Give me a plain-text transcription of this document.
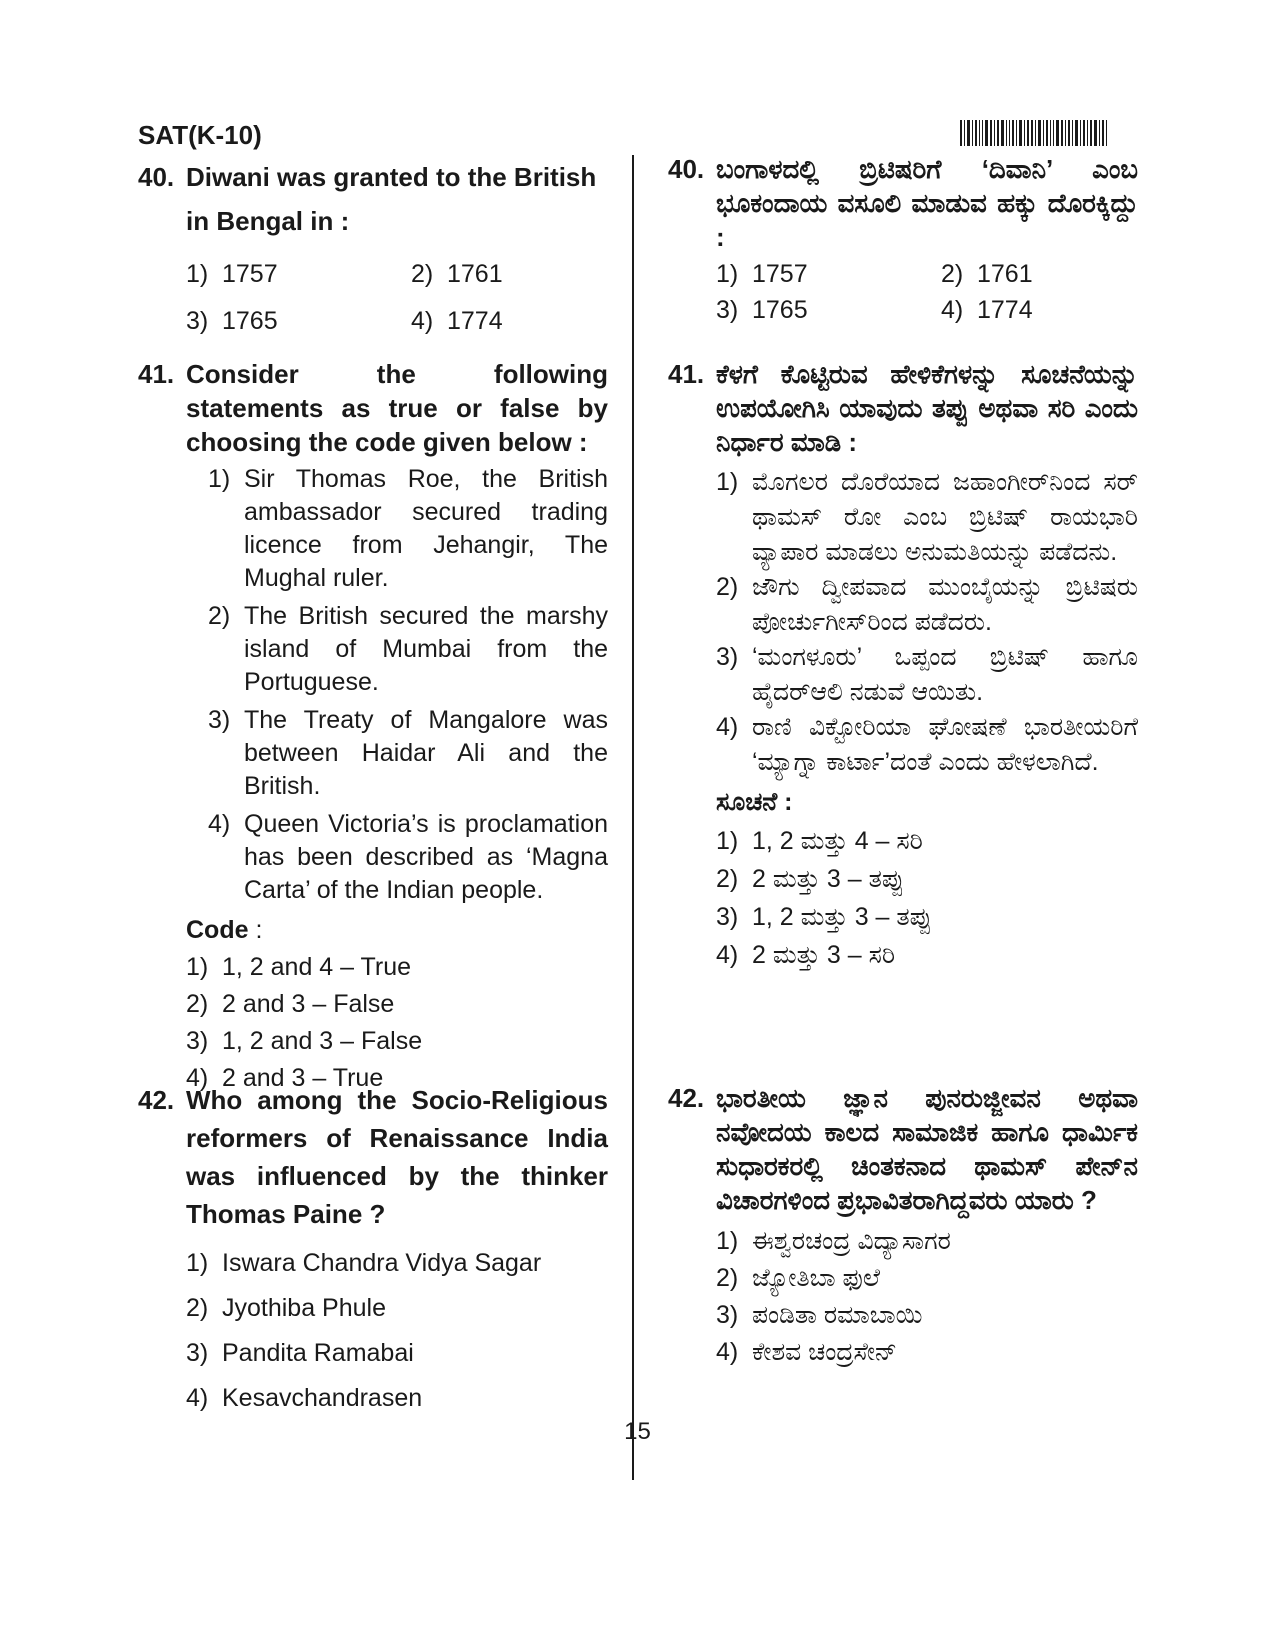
SAT(K-10)
40. Diwani was granted to the British
in Bengal in :
1) 1757	2) 1761
3) 1765	4) 1774
41. Consider the following statements as true or false by choosing the code given below :
1) Sir Thomas Roe, the British ambassador secured trading licence from Jehangir, The Mughal ruler.
2) The British secured the marshy island of Mumbai from the Portuguese.
3) The Treaty of Mangalore was between Haidar Ali and the British.
4) Queen Victoria’s is proclamation has been described as ‘Magna Carta’ of the Indian people.
Code :
1) 1, 2 and 4 – True
2) 2 and 3 – False
3) 1, 2 and 3 – False
4) 2 and 3 – True
42. Who among the Socio-Religious reformers of Renaissance India was influenced by the thinker Thomas Paine ?
1) Iswara Chandra Vidya Sagar
2) Jyothiba Phule
3) Pandita Ramabai
4) Kesavchandrasen
40. ಬಂಗಾಳದಲ್ಲಿ ಬ್ರಿಟಿಷರಿಗೆ ‘ದಿವಾನಿ’ ಎಂಬ ಭೂಕಂದಾಯ ವಸೂಲಿ ಮಾಡುವ ಹಕ್ಕು ದೊರಕ್ಕಿದ್ದು :
1) 1757	2) 1761
3) 1765	4) 1774
41. ಕೆಳಗೆ ಕೊಟ್ಟಿರುವ ಹೇಳಿಕೆಗಳನ್ನು ಸೂಚನೆಯನ್ನು ಉಪಯೋಗಿಸಿ ಯಾವುದು ತಪ್ಪು ಅಥವಾ ಸರಿ ಎಂದು ನಿರ್ಧಾರ ಮಾಡಿ :
1) ಮೊಗಲರ ದೊರೆಯಾದ ಜಹಾಂಗೀರ್‌ನಿಂದ ಸರ್ ಥಾಮಸ್ ರೋ ಎಂಬ ಬ್ರಿಟಿಷ್ ರಾಯಭಾರಿ ವ್ಯಾಪಾರ ಮಾಡಲು ಅನುಮತಿಯನ್ನು ಪಡೆದನು.
2) ಜೌಗು ದ್ವೀಪವಾದ ಮುಂಬೈಯನ್ನು ಬ್ರಿಟಿಷರು ಪೋರ್ಚುಗೀಸ್‌ರಿಂದ ಪಡೆದರು.
3) ‘ಮಂಗಳೂರು’ ಒಪ್ಪಂದ ಬ್ರಿಟಿಷ್ ಹಾಗೂ ಹೈದರ್‌ಆಲಿ ನಡುವೆ ಆಯಿತು.
4) ರಾಣಿ ವಿಕ್ಟೋರಿಯಾ ಘೋಷಣೆ ಭಾರತೀಯರಿಗೆ ‘ಮ್ಯಾಗ್ನಾ ಕಾರ್ಟಾ’ದಂತೆ ಎಂದು ಹೇಳಲಾಗಿದೆ.
ಸೂಚನೆ :
1) 1, 2 ಮತ್ತು 4 – ಸರಿ
2) 2 ಮತ್ತು 3 – ತಪ್ಪು
3) 1, 2 ಮತ್ತು 3 – ತಪ್ಪು
4) 2 ಮತ್ತು 3 – ಸರಿ
42. ಭಾರತೀಯ ಜ್ಞಾನ ಪುನರುಜ್ಜೀವನ ಅಥವಾ ನವೋದಯ ಕಾಲದ ಸಾಮಾಜಿಕ ಹಾಗೂ ಧಾರ್ಮಿಕ ಸುಧಾರಕರಲ್ಲಿ ಚಿಂತಕನಾದ ಥಾಮಸ್ ಪೇನ್‌ನ ವಿಚಾರಗಳಿಂದ ಪ್ರಭಾವಿತರಾಗಿದ್ದವರು ಯಾರು ?
1) ಈಶ್ವರಚಂದ್ರ ವಿದ್ಯಾಸಾಗರ
2) ಜ್ಯೋತಿಬಾ ಫುಲೆ
3) ಪಂಡಿತಾ ರಮಾಬಾಯಿ
4) ಕೇಶವ ಚಂದ್ರಸೇನ್
15
